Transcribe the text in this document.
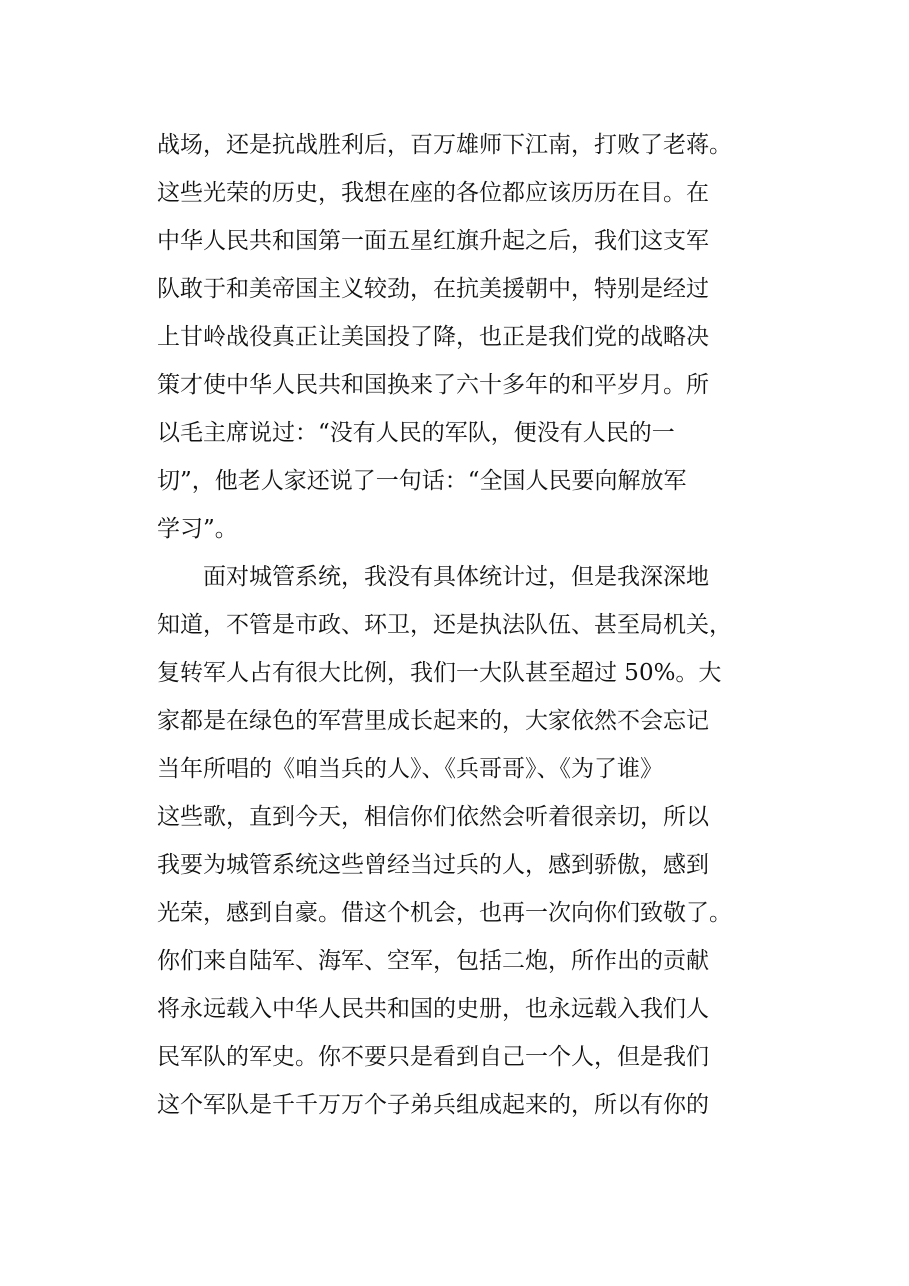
战场，还是抗战胜利后，百万雄师下江南，打败了老蒋。
这些光荣的历史，我想在座的各位都应该历历在目。在
中华人民共和国第一面五星红旗升起之后，我们这支军
队敢于和美帝国主义较劲，在抗美援朝中，特别是经过
上甘岭战役真正让美国投了降，也正是我们党的战略决
策才使中华人民共和国换来了六十多年的和平岁月。所
以毛主席说过：“没有人民的军队，便没有人民的一
切”，他老人家还说了一句话：“全国人民要向解放军
学习”。
　　面对城管系统，我没有具体统计过，但是我深深地
知道，不管是市政、环卫，还是执法队伍、甚至局机关，
复转军人占有很大比例，我们一大队甚至超过 50%。大
家都是在绿色的军营里成长起来的，大家依然不会忘记
当年所唱的《咱当兵的人》、《兵哥哥》、《为了谁》
这些歌，直到今天，相信你们依然会听着很亲切，所以
我要为城管系统这些曾经当过兵的人，感到骄傲，感到
光荣，感到自豪。借这个机会，也再一次向你们致敬了。
你们来自陆军、海军、空军，包括二炮，所作出的贡献
将永远载入中华人民共和国的史册，也永远载入我们人
民军队的军史。你不要只是看到自己一个人，但是我们
这个军队是千千万万个子弟兵组成起来的，所以有你的
